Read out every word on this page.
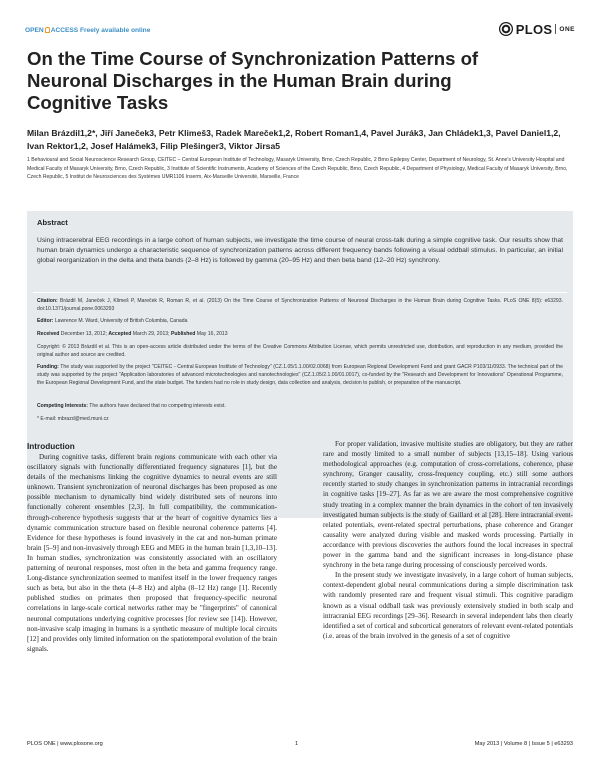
OPEN ACCESS Freely available online	PLOS ONE
On the Time Course of Synchronization Patterns of Neuronal Discharges in the Human Brain during Cognitive Tasks
Milan Brázdil1,2*, Jiří Janeček3, Petr Klimeš3, Radek Mareček1,2, Robert Roman1,4, Pavel Jurák3, Jan Chládek1,3, Pavel Daniel1,2, Ivan Rektor1,2, Josef Halámek3, Filip Plešinger3, Viktor Jirsa5
1 Behavioural and Social Neuroscience Research Group, CEITEC – Central European Institute of Technology, Masaryk University, Brno, Czech Republic, 2 Brno Epilepsy Center, Department of Neurology, St. Anne's University Hospital and Medical Faculty of Masaryk University, Brno, Czech Republic, 3 Institute of Scientific Instruments, Academy of Sciences of the Czech Republic, Brno, Czech Republic, 4 Department of Physiology, Medical Faculty of Masaryk University, Brno, Czech Republic, 5 Institut de Neurosciences des Systèmes UMR1106 Inserm, Aix-Marseille Université, Marseille, France
Abstract
Using intracerebral EEG recordings in a large cohort of human subjects, we investigate the time course of neural cross-talk during a simple cognitive task. Our results show that human brain dynamics undergo a characteristic sequence of synchronization patterns across different frequency bands following a visual oddball stimulus. In particular, an initial global reorganization in the delta and theta bands (2–8 Hz) is followed by gamma (20–95 Hz) and then beta band (12–20 Hz) synchrony.
Citation: Brázdil M, Janeček J, Klimeš P, Mareček R, Roman R, et al. (2013) On the Time Course of Synchronization Patterns of Neuronal Discharges in the Human Brain during Cognitive Tasks. PLoS ONE 8(5): e63293. doi:10.1371/journal.pone.0063293
Editor: Lawrence M. Ward, University of British Columbia, Canada
Received December 13, 2012; Accepted March 29, 2013; Published May 16, 2013
Copyright: © 2013 Brázdil et al. This is an open-access article distributed under the terms of the Creative Commons Attribution License, which permits unrestricted use, distribution, and reproduction in any medium, provided the original author and source are credited.
Funding: The study was supported by the project "CEITEC - Central European Institute of Technology" (CZ.1.05/1.1.00/02.0068) from European Regional Development Fund and grant GACR P103/11/0933. The technical part of the study was supported by the project "Application laboratories of advanced microtechnologies and nanotechnologies" (CZ.1.05/2.1.00/01.0017), co-funded by the "Research and Development for Innovations" Operational Programme, the European Regional Development Fund, and the state budget. The funders had no role in study design, data collection and analysis, decision to publish, or preparation of the manuscript.
Competing Interests: The authors have declared that no competing interests exist.
* E-mail: mbrazd@med.muni.cz
Introduction

During cognitive tasks, different brain regions communicate with each other via oscillatory signals with functionally differentiated frequency signatures [1], but the details of the mechanisms linking the cognitive dynamics to neural events are still unknown. Transient synchronization of neuronal discharges has been proposed as one possible mechanism to dynamically bind widely distributed sets of neurons into functionally coherent ensembles [2,3]. In full compatibility, the communication-through-coherence hypothesis suggests that at the heart of cognitive dynamics lies a dynamic communication structure based on flexible neuronal coherence patterns [4]. Evidence for these hypotheses is found invasively in the cat and non-human primate brain [5–9] and non-invasively through EEG and MEG in the human brain [1,3,10–13]. In human studies, synchronization was consistently associated with an oscillatory patterning of neuronal responses, most often in the beta and gamma frequency range. Long-distance synchronization seemed to manifest itself in the lower frequency ranges such as beta, but also in the theta (4–8 Hz) and alpha (8–12 Hz) range [1]. Recently published studies on primates then proposed that frequency-specific neuronal correlations in large-scale cortical networks rather may be "fingerprints" of canonical neuronal computations underlying cognitive processes [for review see [14]). However, non-invasive scalp imaging in humans is a synthetic measure of multiple local circuits [12] and provides only limited information on the spatiotemporal evolution of the brain signals.

For proper validation, invasive multisite studies are obligatory, but they are rather rare and mostly limited to a small number of subjects [13,15–18]. Using various methodological approaches (e.g. computation of cross-correlations, coherence, phase synchrony, Granger causality, cross-frequency coupling, etc.) still some authors recently started to study changes in synchronization patterns in intracranial recordings in cognitive tasks [19–27]. As far as we are aware the most comprehensive cognitive study treating in a complex manner the brain dynamics in the cohort of ten invasively investigated human subjects is the study of Gaillard et al [28]. Here intracranial event-related potentials, event-related spectral perturbations, phase coherence and Granger causality were analyzed during visible and masked words processing. Partially in accordance with previous discoveries the authors found the local increases in spectral power in the gamma band and the significant increases in long-distance phase synchrony in the beta range during processing of consciously perceived words.

In the present study we investigate invasively, in a large cohort of human subjects, context-dependent global neural communications during a simple discrimination task with randomly presented rare and frequent visual stimuli. This cognitive paradigm known as a visual oddball task was previously extensively studied in both scalp and intracranial EEG recordings [29–36]. Research in several independent labs then clearly identified a set of cortical and subcortical generators of relevant event-related potentials (i.e. areas of the brain involved in the genesis of a set of cognitive

PLOS ONE | www.plosone.org	1	May 2013 | Volume 8 | Issue 5 | e63293
